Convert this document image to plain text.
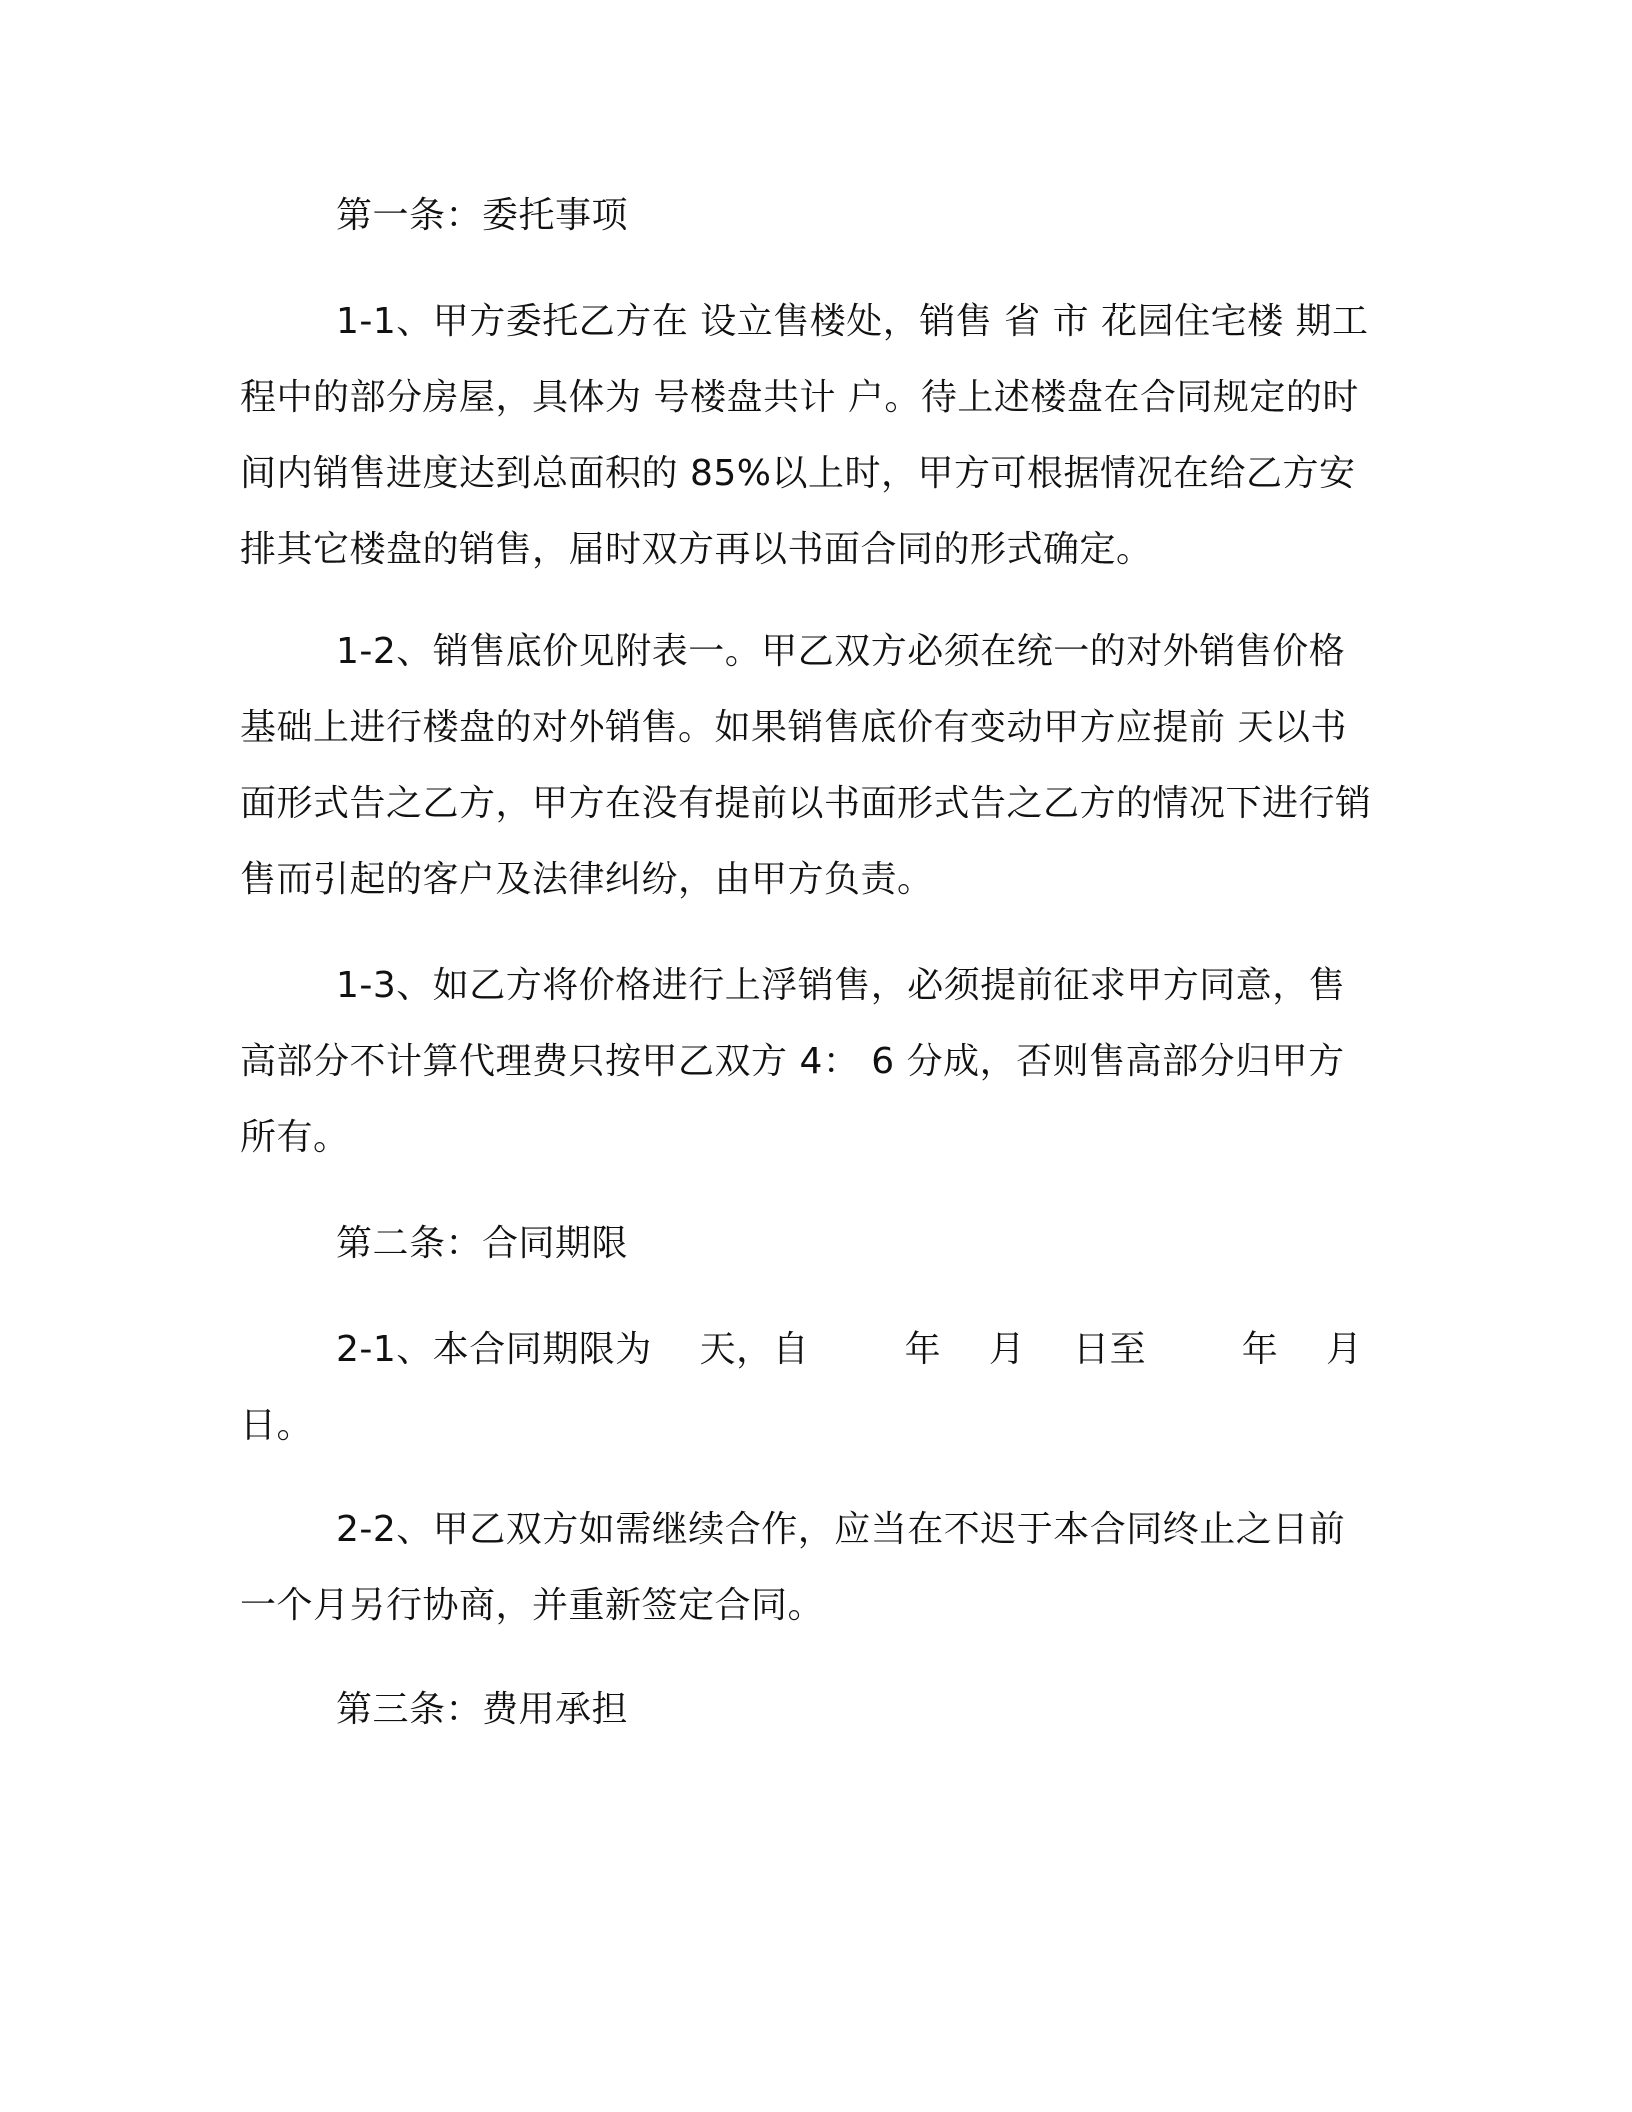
第一条：委托事项
1-1、甲方委托乙方在 设立售楼处，销售 省 市 花园住宅楼 期工程中的部分房屋，具体为 号楼盘共计 户。待上述楼盘在合同规定的时间内销售进度达到总面积的 85%以上时，甲方可根据情况在给乙方安排其它楼盘的销售，届时双方再以书面合同的形式确定。
1-2、销售底价见附表一。甲乙双方必须在统一的对外销售价格基础上进行楼盘的对外销售。如果销售底价有变动甲方应提前 天以书面形式告之乙方，甲方在没有提前以书面形式告之乙方的情况下进行销售而引起的客户及法律纠纷，由甲方负责。
1-3、如乙方将价格进行上浮销售，必须提前征求甲方同意，售高部分不计算代理费只按甲乙双方 4： 6 分成，否则售高部分归甲方所有。
第二条：合同期限
2-1、本合同期限为    天，自        年    月    日至        年    月    日。
2-2、甲乙双方如需继续合作，应当在不迟于本合同终止之日前一个月另行协商，并重新签定合同。
第三条：费用承担
